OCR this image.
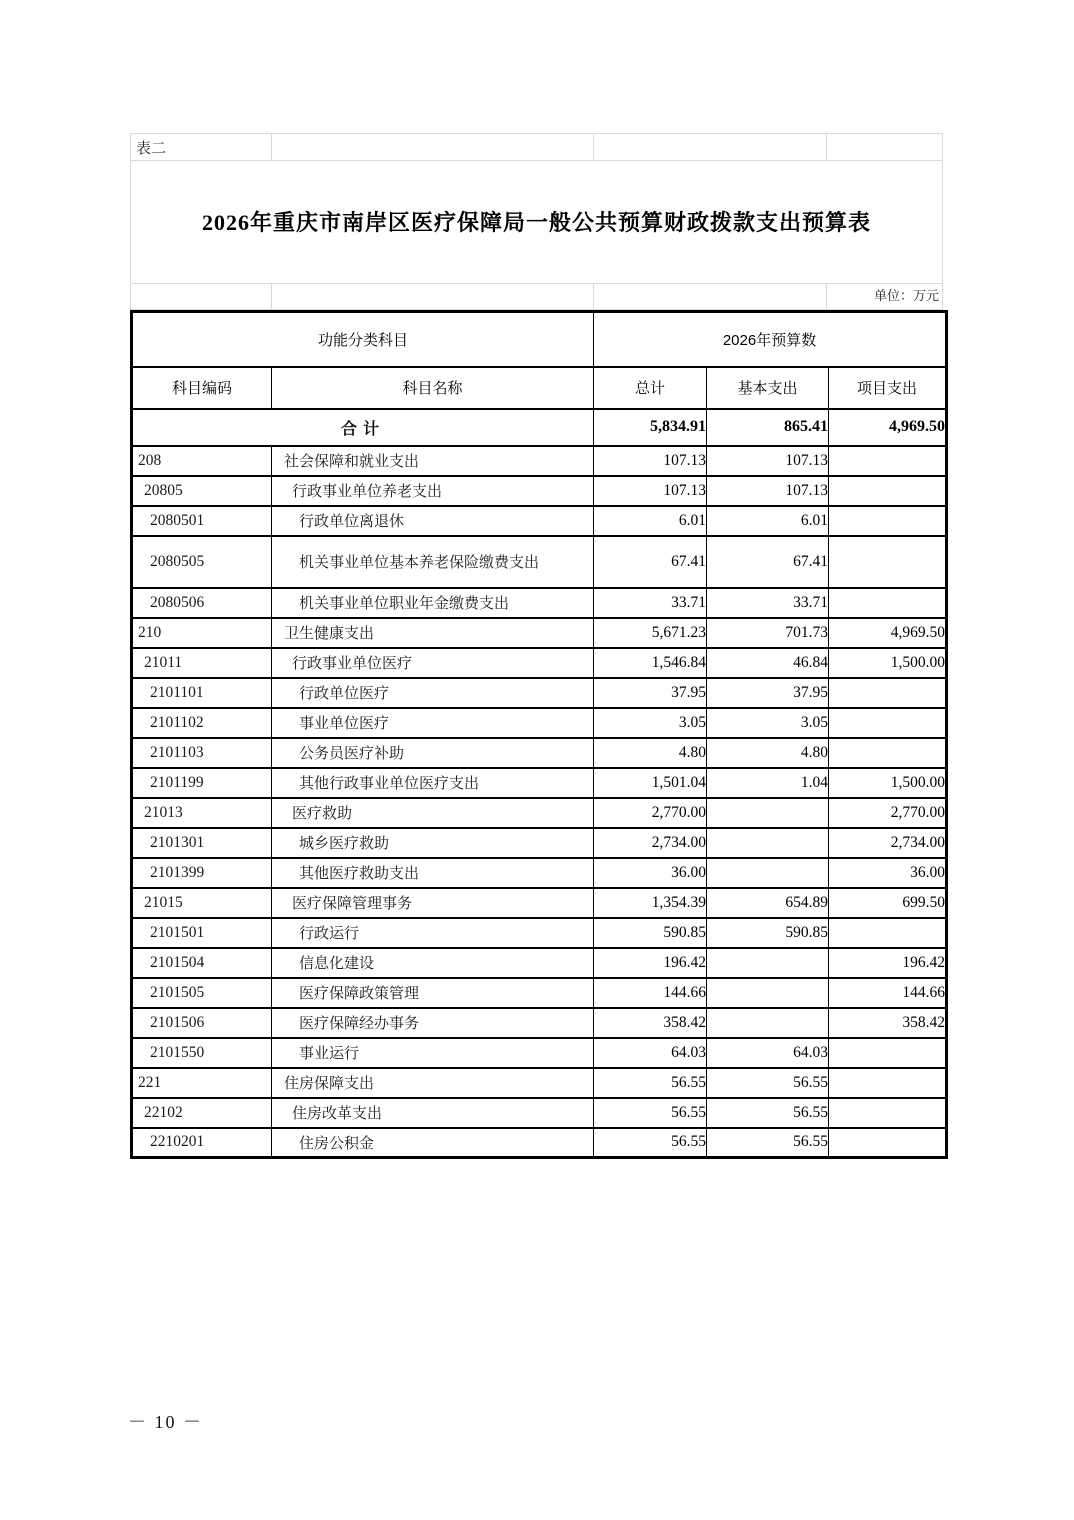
表二
2026年重庆市南岸区医疗保障局一般公共预算财政拨款支出预算表
单位：万元
功能分类科目		2026年预算数		
科目编码	科目名称	总计	基本支出	项目支出
合计		5,834.91	865.41	4,969.50
208	社会保障和就业支出	107.13	107.13	
20805	行政事业单位养老支出	107.13	107.13	
2080501	行政单位离退休	6.01	6.01	
2080505	机关事业单位基本养老保险缴费支出	67.41	67.41	
2080506	机关事业单位职业年金缴费支出	33.71	33.71	
210	卫生健康支出	5,671.23	701.73	4,969.50
21011	行政事业单位医疗	1,546.84	46.84	1,500.00
2101101	行政单位医疗	37.95	37.95	
2101102	事业单位医疗	3.05	3.05	
2101103	公务员医疗补助	4.80	4.80	
2101199	其他行政事业单位医疗支出	1,501.04	1.04	1,500.00
21013	医疗救助	2,770.00		2,770.00
2101301	城乡医疗救助	2,734.00		2,734.00
2101399	其他医疗救助支出	36.00		36.00
21015	医疗保障管理事务	1,354.39	654.89	699.50
2101501	行政运行	590.85	590.85	
2101504	信息化建设	196.42		196.42
2101505	医疗保障政策管理	144.66		144.66
2101506	医疗保障经办事务	358.42		358.42
2101550	事业运行	64.03	64.03	
221	住房保障支出	56.55	56.55	
22102	住房改革支出	56.55	56.55	
2210201	住房公积金	56.55	56.55	
－ 10 －
